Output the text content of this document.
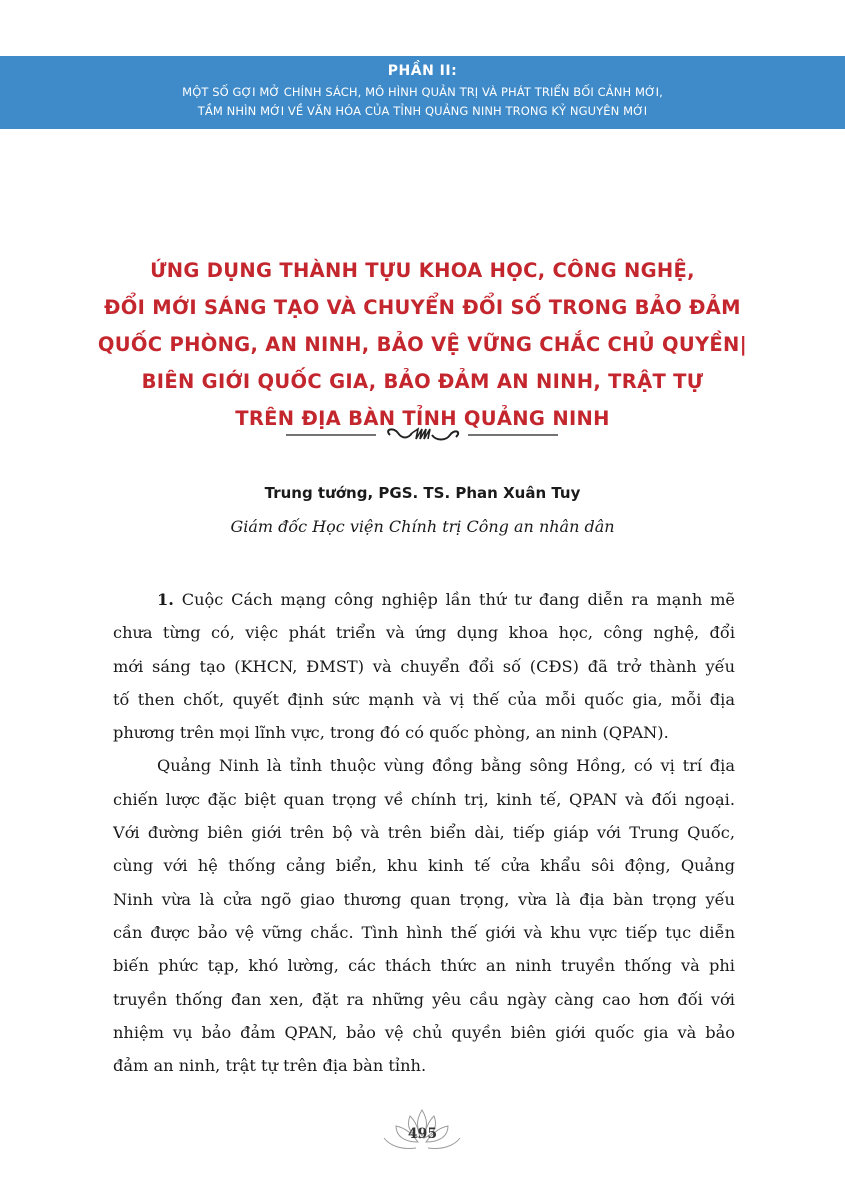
PHẦN II:
MỘT SỐ GỢI MỞ CHÍNH SÁCH, MÔ HÌNH QUẢN TRỊ VÀ PHÁT TRIỂN BỐI CẢNH MỚI,
TẦM NHÌN MỚI VỀ VĂN HÓA CỦA TỈNH QUẢNG NINH TRONG KỶ NGUYÊN MỚI
ỨNG DỤNG THÀNH TỰU KHOA HỌC, CÔNG NGHỆ,
ĐỔI MỚI SÁNG TẠO VÀ CHUYỂN ĐỔI SỐ TRONG BẢO ĐẢM
QUỐC PHÒNG, AN NINH, BẢO VỆ VỮNG CHẮC CHỦ QUYỀN|
BIÊN GIỚI QUỐC GIA, BẢO ĐẢM AN NINH, TRẬT TỰ
TRÊN ĐỊA BÀN TỈNH QUẢNG NINH
Trung tướng, PGS. TS. Phan Xuân Tuy
Giám đốc Học viện Chính trị Công an nhân dân
1. Cuộc Cách mạng công nghiệp lần thứ tư đang diễn ra mạnh mẽ
chưa từng có, việc phát triển và ứng dụng khoa học, công nghệ, đổi
mới sáng tạo (KHCN, ĐMST) và chuyển đổi số (CĐS) đã trở thành yếu
tố then chốt, quyết định sức mạnh và vị thế của mỗi quốc gia, mỗi địa
phương trên mọi lĩnh vực, trong đó có quốc phòng, an ninh (QPAN).
Quảng Ninh là tỉnh thuộc vùng đồng bằng sông Hồng, có vị trí địa
chiến lược đặc biệt quan trọng về chính trị, kinh tế, QPAN và đối ngoại.
Với đường biên giới trên bộ và trên biển dài, tiếp giáp với Trung Quốc,
cùng với hệ thống cảng biển, khu kinh tế cửa khẩu sôi động, Quảng
Ninh vừa là cửa ngõ giao thương quan trọng, vừa là địa bàn trọng yếu
cần được bảo vệ vững chắc. Tình hình thế giới và khu vực tiếp tục diễn
biến phức tạp, khó lường, các thách thức an ninh truyền thống và phi
truyền thống đan xen, đặt ra những yêu cầu ngày càng cao hơn đối với
nhiệm vụ bảo đảm QPAN, bảo vệ chủ quyền biên giới quốc gia và bảo
đảm an ninh, trật tự trên địa bàn tỉnh.
495
